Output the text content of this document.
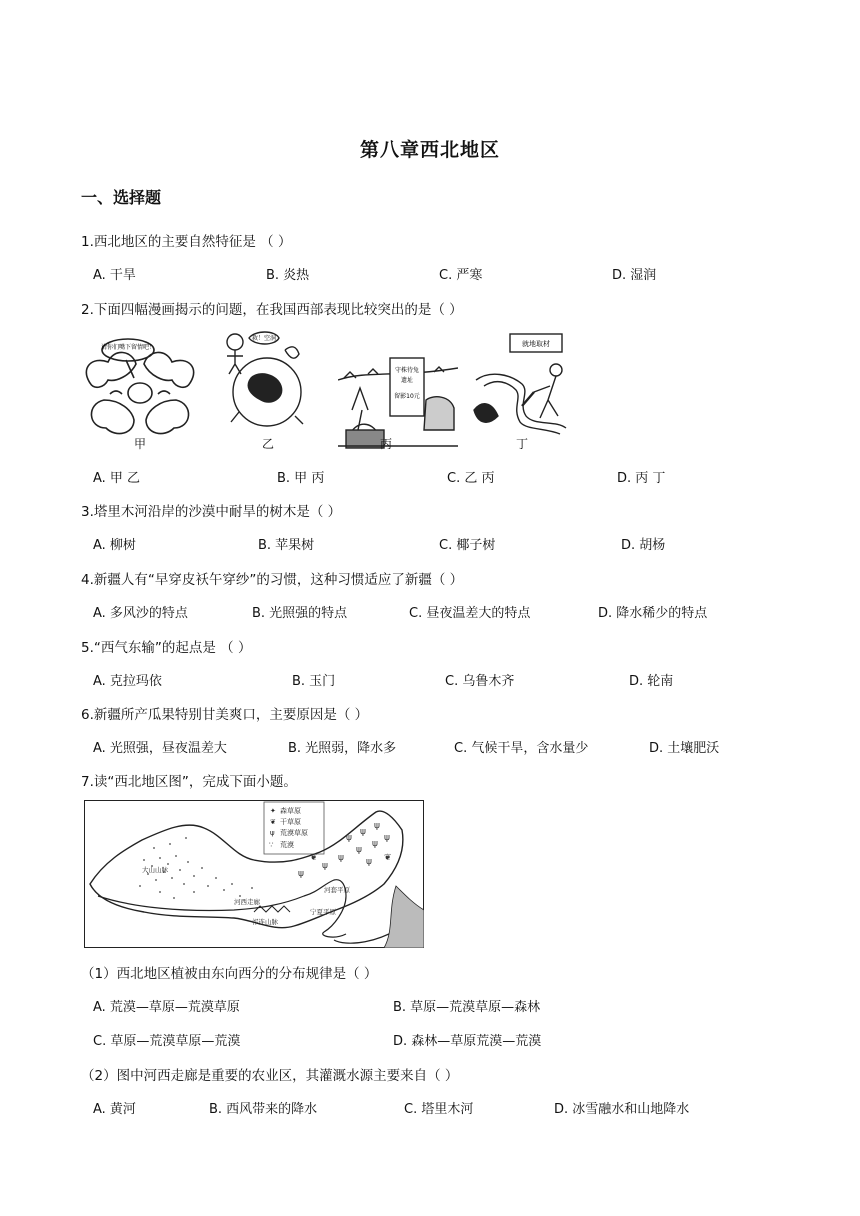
第八章西北地区
一、选择题
1.西北地区的主要自然特征是 （ ）
A. 干旱	B. 炎热	C. 严寒	D. 湿润
2.下面四幅漫画揭示的问题，在我国西部表现比较突出的是（ ）
请你们嘴下留情吧！
救！空洞
守株待兔遗址留影10元
就地取材
甲	乙	丙	丁
A. 甲 乙	B. 甲 丙	C. 乙 丙	D. 丙 丁
3.塔里木河沿岸的沙漠中耐旱的树木是（ ）
A. 柳树	B. 苹果树	C. 椰子树	D. 胡杨
4.新疆人有“早穿皮袄午穿纱”的习惯，这种习惯适应了新疆（ ）
A. 多风沙的特点	B. 光照强的特点	C. 昼夜温差大的特点	D. 降水稀少的特点
5.“西气东输”的起点是 （ ）
A. 克拉玛依	B. 玉门	C. 乌鲁木齐	D. 轮南
6.新疆所产瓜果特别甘美爽口，主要原因是（ ）
A. 光照强，昼夜温差大	B. 光照弱，降水多	C. 气候干旱，含水量少	D. 土壤肥沃
7.读“西北地区图”，完成下面小题。
✦ 森草原
❦ 干草原
ψ 荒漠草原
∵ 荒漠
ψ
ψ
ψ
ψ
ψ
ψ
ψ ψ ❦
ψ
❦
ψ
大山山脉
河西走廊
祁连山脉
河套平原
宁夏平原
（1）西北地区植被由东向西分的分布规律是（ ）
A. 荒漠—草原—荒漠草原	B. 草原—荒漠草原—森林
C. 草原—荒漠草原—荒漠	D. 森林—草原荒漠—荒漠
（2）图中河西走廊是重要的农业区，其灌溉水源主要来自（ ）
A. 黄河	B. 西风带来的降水	C. 塔里木河	D. 冰雪融水和山地降水
